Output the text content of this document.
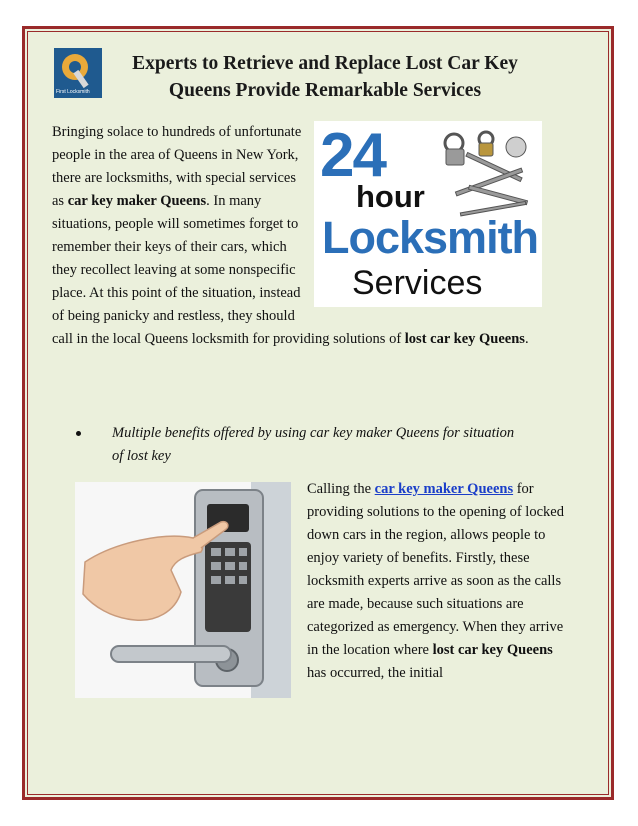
First Locksmith
Experts to Retrieve and Replace Lost Car Key Queens Provide Remarkable Services
24
hour
Locksmith
Services
Bringing solace to hundreds of unfortunate people in the area of Queens in New York, there are locksmiths, with special services as car key maker Queens. In many situations, people will sometimes forget to remember their keys of their cars, which they recollect leaving at some nonspecific place. At this point of the situation, instead of being panicky and restless, they should call in the local Queens locksmith for providing solutions of lost car key Queens.
Multiple benefits offered by using car key maker Queens for situation of lost key
Calling the car key maker Queens for providing solutions to the opening of locked down cars in the region, allows people to enjoy variety of benefits. Firstly, these locksmith experts arrive as soon as the calls are made, because such situations are categorized as emergency. When they arrive in the location where lost car key Queens has occurred, the initial
